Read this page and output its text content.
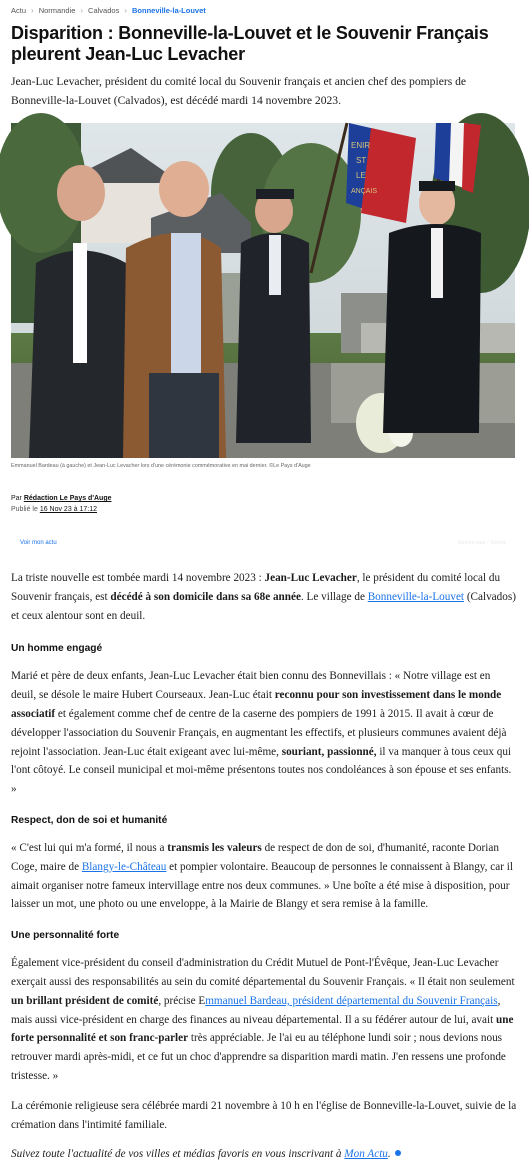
Actu › Normandie › Calvados › Bonneville-la-Louvet
Disparition : Bonneville-la-Louvet et le Souvenir Français pleurent Jean-Luc Levacher

Jean-Luc Levacher, président du comité local du Souvenir français et ancien chef des pompiers de Bonneville-la-Louvet (Calvados), est décédé mardi 14 novembre 2023.

ENIR
ST
LE
ANÇAIS
Emmanuel Bardeau (à gauche) et Jean-Luc Levacher lors d'une cérémonie commémorative en mai dernier. ©Le Pays d'Auge
Par Rédaction Le Pays d'Auge
Publié le 16 Nov 23 à 17:12
Voir mon actu	Suivez-moi / Suivre

La triste nouvelle est tombée mardi 14 novembre 2023 : Jean-Luc Levacher, le président du comité local du Souvenir français, est décédé à son domicile dans sa 68e année. Le village de Bonneville-la-Louvet (Calvados) et ceux alentour sont en deuil.

Un homme engagé

Marié et père de deux enfants, Jean-Luc Levacher était bien connu des Bonnevillais : « Notre village est en deuil, se désole le maire Hubert Courseaux. Jean-Luc était reconnu pour son investissement dans le monde associatif et également comme chef de centre de la caserne des pompiers de 1991 à 2015. Il avait à cœur de développer l'association du Souvenir Français, en augmentant les effectifs, et plusieurs communes avaient déjà rejoint l'association. Jean-Luc était exigeant avec lui-même, souriant, passionné, il va manquer à tous ceux qui l'ont côtoyé. Le conseil municipal et moi-même présentons toutes nos condoléances à son épouse et ses enfants. »

Respect, don de soi et humanité

« C'est lui qui m'a formé, il nous a transmis les valeurs de respect de don de soi, d'humanité, raconte Dorian Coge, maire de Blangy-le-Château et pompier volontaire. Beaucoup de personnes le connaissent à Blangy, car il aimait organiser notre fameux intervillage entre nos deux communes. » Une boîte a été mise à disposition, pour laisser un mot, une photo ou une enveloppe, à la Mairie de Blangy et sera remise à la famille.

Une personnalité forte

Également vice-président du conseil d'administration du Crédit Mutuel de Pont-l'Évêque, Jean-Luc Levacher exerçait aussi des responsabilités au sein du comité départemental du Souvenir Français. « Il était non seulement un brillant président de comité, précise Emmanuel Bardeau, président départemental du Souvenir Français, mais aussi vice-président en charge des finances au niveau départemental. Il a su fédérer autour de lui, avait une forte personnalité et son franc-parler très appréciable. Je l'ai eu au téléphone lundi soir ; nous devions nous retrouver mardi après-midi, et ce fut un choc d'apprendre sa disparition mardi matin. J'en ressens une profonde tristesse. »

La cérémonie religieuse sera célébrée mardi 21 novembre à 10 h en l'église de Bonneville-la-Louvet, suivie de la crémation dans l'intimité familiale.

Suivez toute l'actualité de vos villes et médias favoris en vous inscrivant à Mon Actu.
